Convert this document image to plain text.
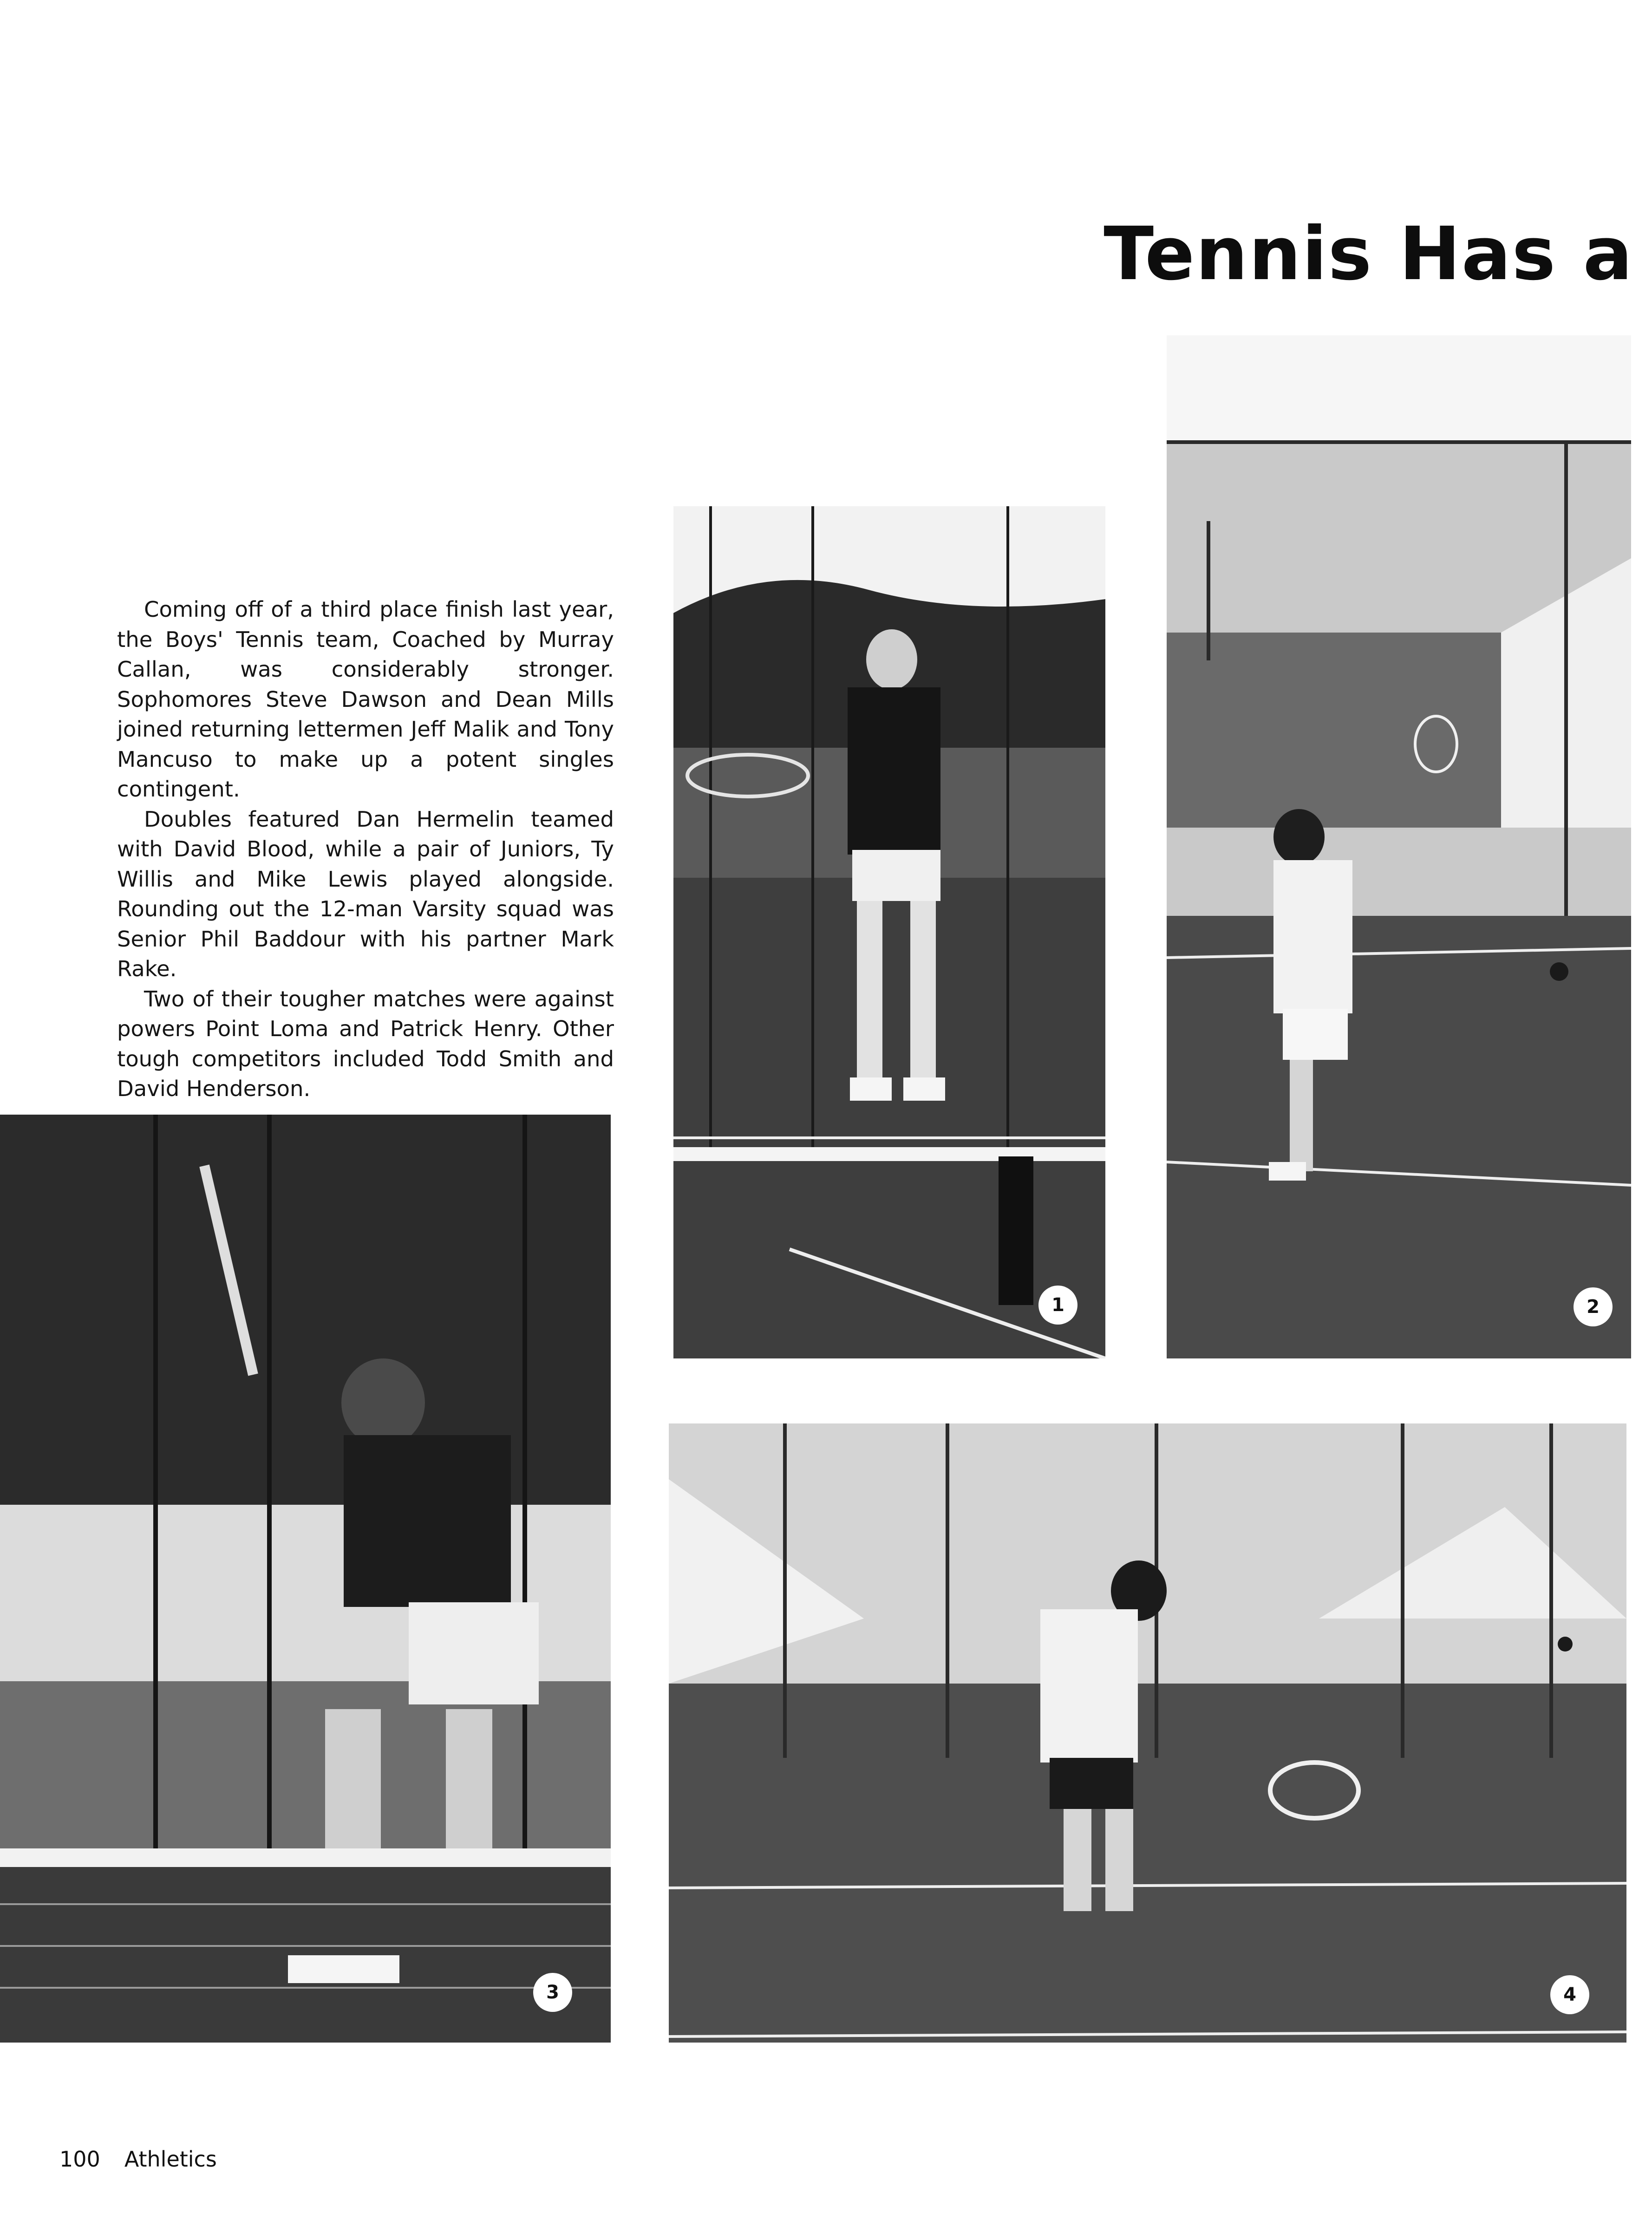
Tennis Has a

Coming off of a third place finish last year, the Boys' Tennis team, Coached by Murray Callan, was considerably stronger. Sophomores Steve Dawson and Dean Mills joined returning lettermen Jeff Malik and Tony Mancuso to make up a potent singles contingent.

Doubles featured Dan Hermelin teamed with David Blood, while a pair of Juniors, Ty Willis and Mike Lewis played alongside. Rounding out the 12-man Varsity squad was Senior Phil Baddour with his partner Mark Rake.

Two of their tougher matches were against powers Point Loma and Patrick Henry. Other tough competitors included Todd Smith and David Henderson.

1	2
3	4
100 Athletics
